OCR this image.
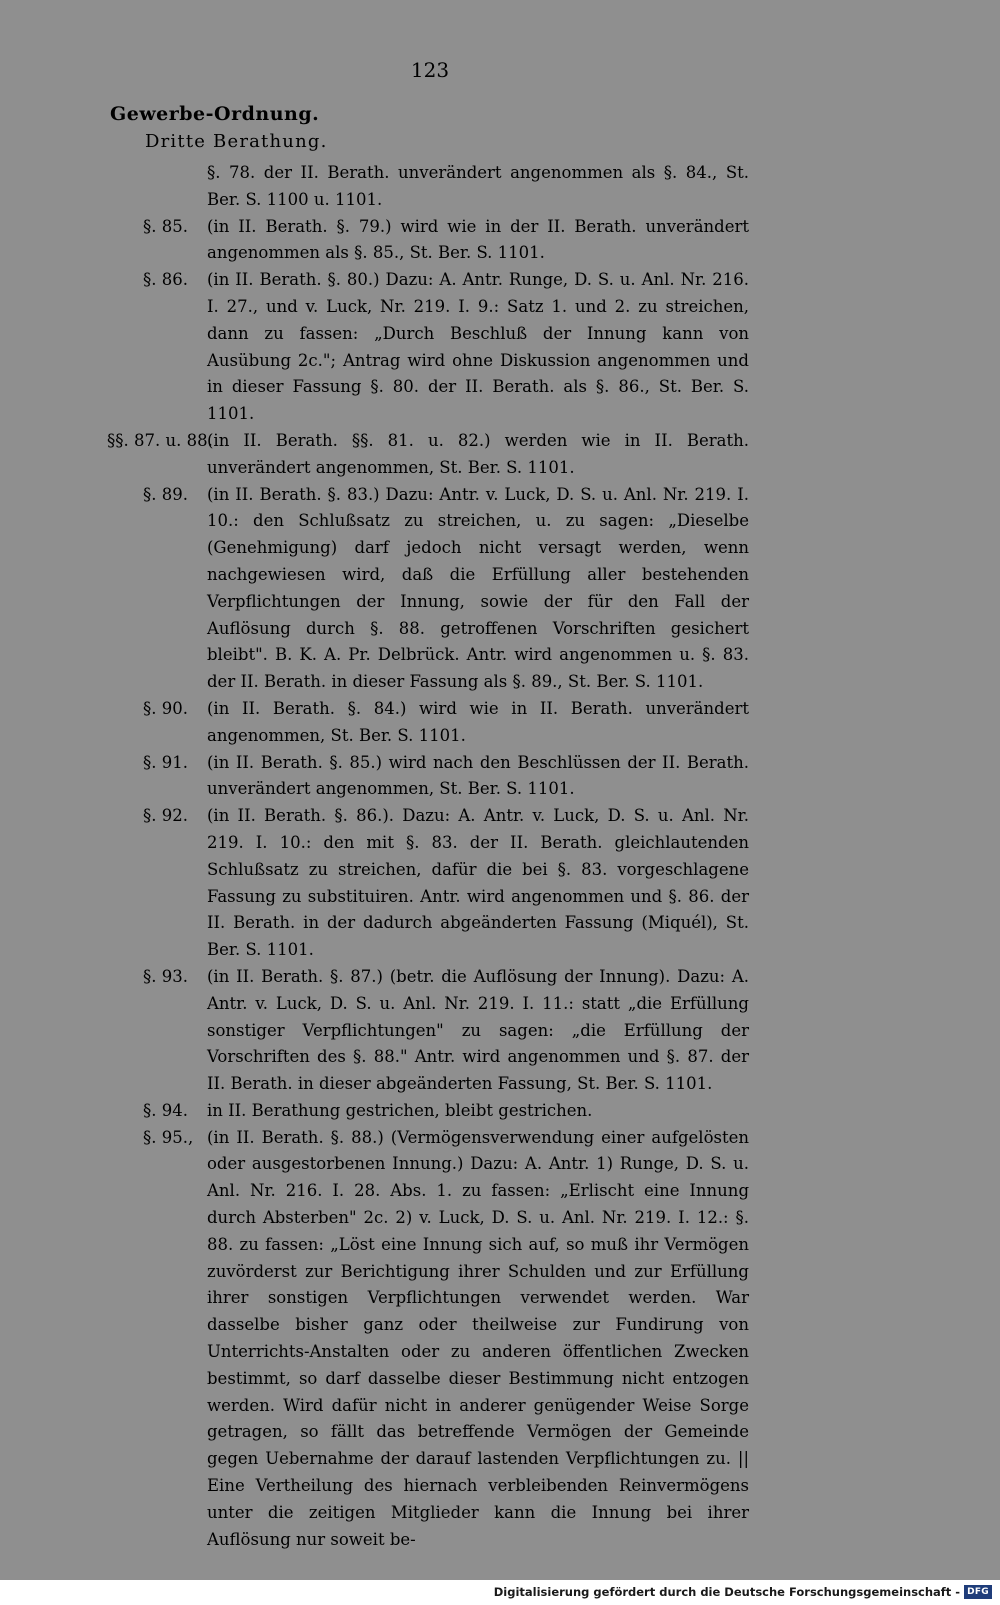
123
Gewerbe-Ordnung.
Dritte Berathung.
§. 78. der II. Berath. unverändert angenommen als §. 84., St. Ber. S. 1100 u. 1101.
§. 85. (in II. Berath. §. 79.) wird wie in der II. Berath. unverändert angenommen als §. 85., St. Ber. S. 1101.
§. 86. (in II. Berath. §. 80.) Dazu: A. Antr. Runge, D. S. u. Anl. Nr. 216. I. 27., und v. Luck, Nr. 219. I. 9.: Satz 1. und 2. zu streichen, dann zu fassen: „Durch Beschluß der Innung kann von Ausübung 2c."; Antrag wird ohne Diskussion angenommen und in dieser Fassung §. 80. der II. Berath. als §. 86., St. Ber. S. 1101.
§§. 87. u. 88.
(in II. Berath. §§. 81. u. 82.) werden wie in II. Berath. unverändert angenommen, St. Ber. S. 1101.
§. 89. (in II. Berath. §. 83.) Dazu: Antr. v. Luck, D. S. u. Anl. Nr. 219. I. 10.: den Schlußsatz zu streichen, u. zu sagen: „Dieselbe (Genehmigung) darf jedoch nicht versagt werden, wenn nachgewiesen wird, daß die Erfüllung aller bestehenden Verpflichtungen der Innung, sowie der für den Fall der Auflösung durch §. 88. getroffenen Vorschriften gesichert bleibt". B. K. A. Pr. Delbrück. Antr. wird angenommen u. §. 83. der II. Berath. in dieser Fassung als §. 89., St. Ber. S. 1101.
§. 90. (in II. Berath. §. 84.) wird wie in II. Berath. unverändert angenommen, St. Ber. S. 1101.
§. 91. (in II. Berath. §. 85.) wird nach den Beschlüssen der II. Berath. unverändert angenommen, St. Ber. S. 1101.
§. 92. (in II. Berath. §. 86.). Dazu: A. Antr. v. Luck, D. S. u. Anl. Nr. 219. I. 10.: den mit §. 83. der II. Berath. gleichlautenden Schlußsatz zu streichen, dafür die bei §. 83. vorgeschlagene Fassung zu substituiren. Antr. wird angenommen und §. 86. der II. Berath. in der dadurch abgeänderten Fassung (Miquél), St. Ber. S. 1101.
§. 93. (in II. Berath. §. 87.) (betr. die Auflösung der Innung). Dazu: A. Antr. v. Luck, D. S. u. Anl. Nr. 219. I. 11.: statt „die Erfüllung sonstiger Verpflichtungen" zu sagen: „die Erfüllung der Vorschriften des §. 88." Antr. wird angenommen und §. 87. der II. Berath. in dieser abgeänderten Fassung, St. Ber. S. 1101.
§. 94. in II. Berathung gestrichen, bleibt gestrichen.
§. 95., (in II. Berath. §. 88.) (Vermögensverwendung einer aufgelösten oder ausgestorbenen Innung.) Dazu: A. Antr. 1) Runge, D. S. u. Anl. Nr. 216. I. 28. Abs. 1. zu fassen: „Erlischt eine Innung durch Absterben" 2c. 2) v. Luck, D. S. u. Anl. Nr. 219. I. 12.: §. 88. zu fassen: „Löst eine Innung sich auf, so muß ihr Vermögen zuvörderst zur Berichtigung ihrer Schulden und zur Erfüllung ihrer sonstigen Verpflichtungen verwendet werden. War dasselbe bisher ganz oder theilweise zur Fundirung von Unterrichts-Anstalten oder zu anderen öffentlichen Zwecken bestimmt, so darf dasselbe dieser Bestimmung nicht entzogen werden. Wird dafür nicht in anderer genügender Weise Sorge getragen, so fällt das betreffende Vermögen der Gemeinde gegen Uebernahme der darauf lastenden Verpflichtungen zu. || Eine Vertheilung des hiernach verbleibenden Reinvermögens unter die zeitigen Mitglieder kann die Innung bei ihrer Auflösung nur soweit be-
Digitalisierung gefördert durch die Deutsche Forschungsgemeinschaft - DFG
